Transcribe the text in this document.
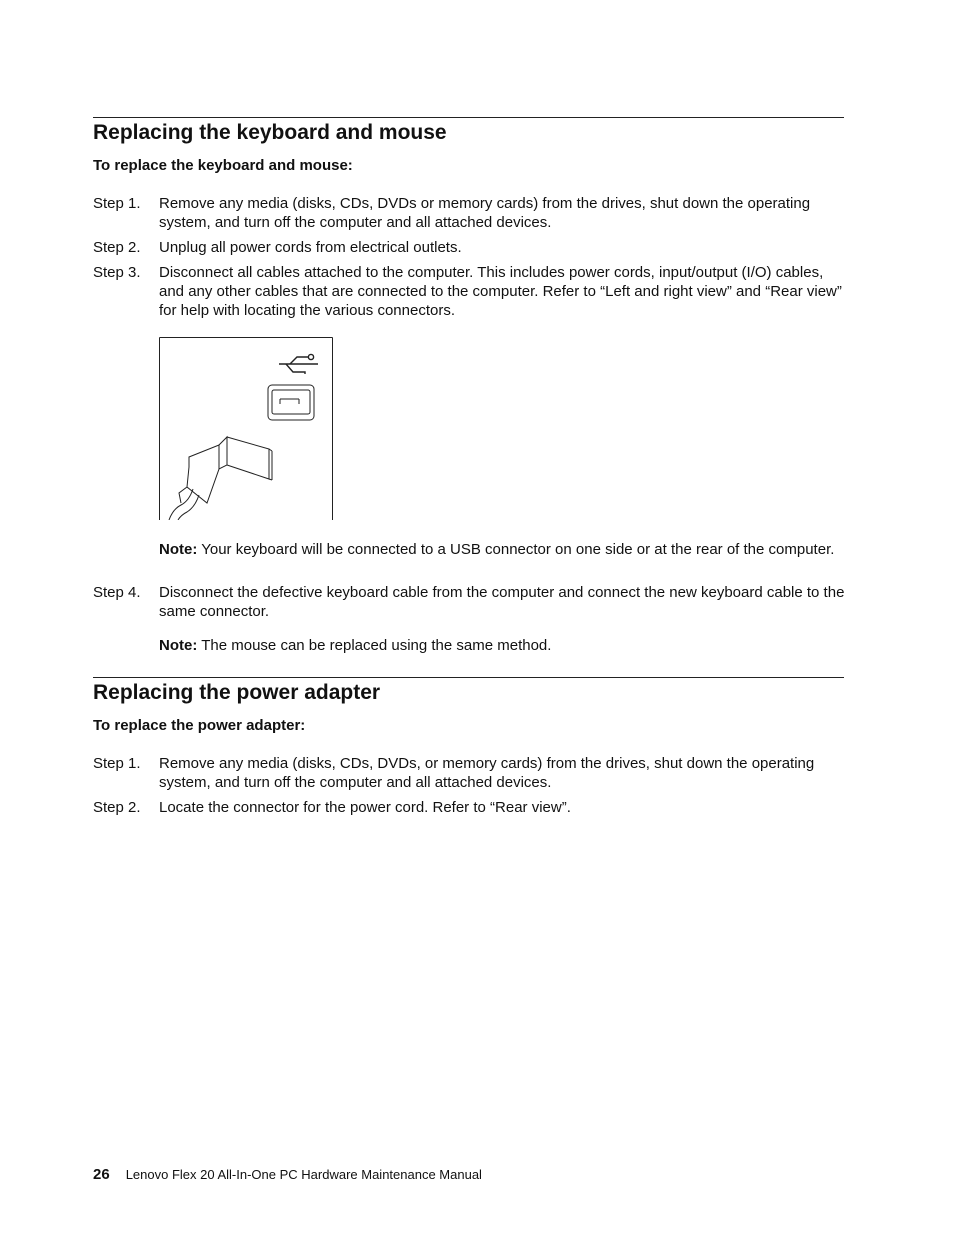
Replacing the keyboard and mouse

To replace the keyboard and mouse:

Step 1. Remove any media (disks, CDs, DVDs or memory cards) from the drives, shut down the operating system, and turn off the computer and all attached devices.
Step 2. Unplug all power cords from electrical outlets.
Step 3. Disconnect all cables attached to the computer. This includes power cords, input/output (I/O) cables, and any other cables that are connected to the computer. Refer to “Left and right view” and “Rear view” for help with locating the various connectors.
Note: Your keyboard will be connected to a USB connector on one side or at the rear of the computer.
Step 4. Disconnect the defective keyboard cable from the computer and connect the new keyboard cable to the same connector.
Note: The mouse can be replaced using the same method.
Replacing the power adapter

To replace the power adapter:

Step 1. Remove any media (disks, CDs, DVDs, or memory cards) from the drives, shut down the operating system, and turn off the computer and all attached devices.
Step 2. Locate the connector for the power cord. Refer to “Rear view”.
26 Lenovo Flex 20 All-In-One PC Hardware Maintenance Manual
